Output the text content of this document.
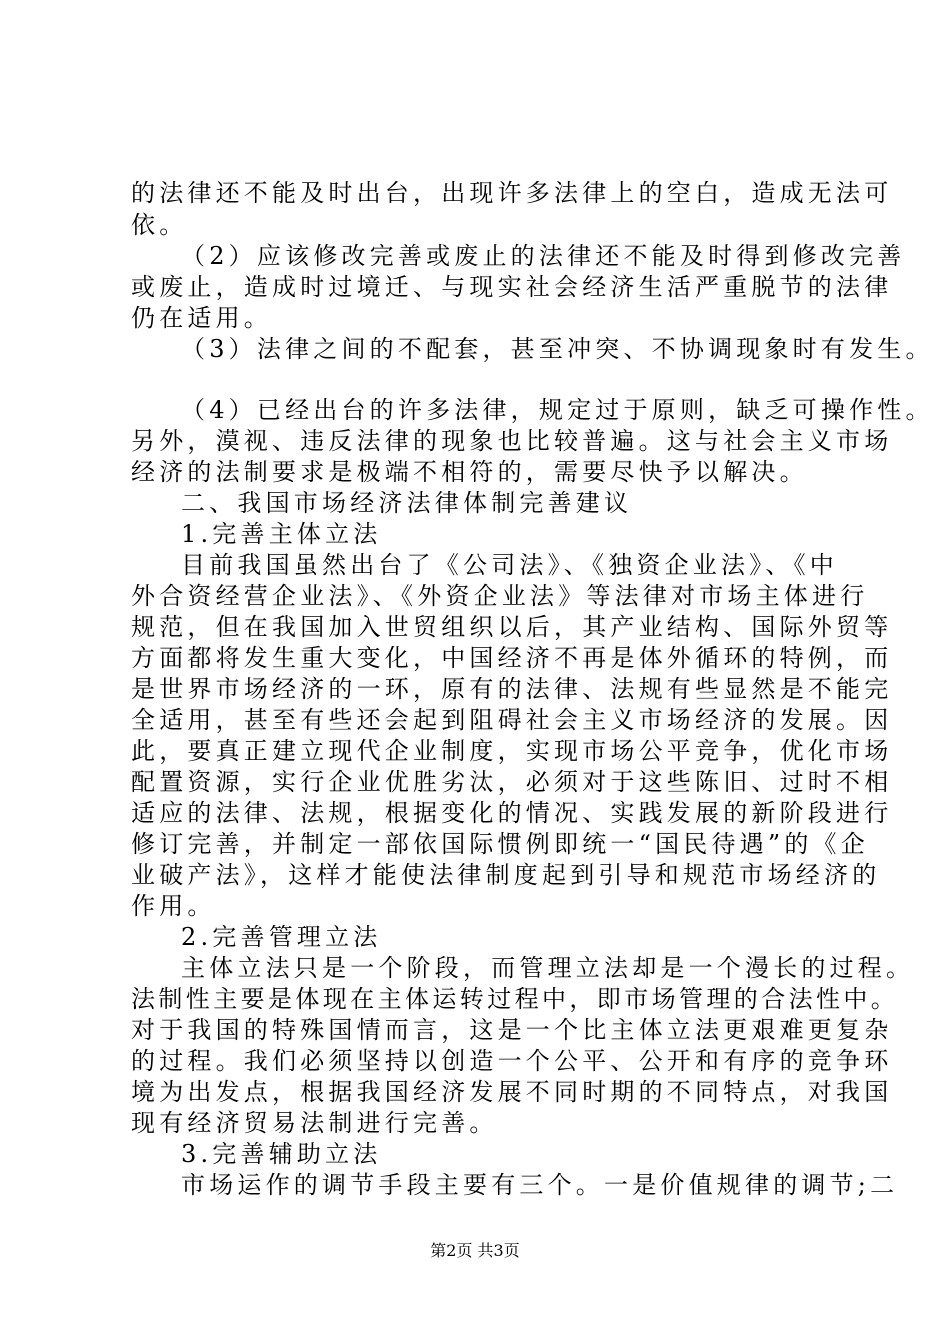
的法律还不能及时出台，出现许多法律上的空白，造成无法可
依。
（2）应该修改完善或废止的法律还不能及时得到修改完善
或废止，造成时过境迁、与现实社会经济生活严重脱节的法律
仍在适用。
（3）法律之间的不配套，甚至冲突、不协调现象时有发生。
（4）已经出台的许多法律，规定过于原则，缺乏可操作性。
另外，漠视、违反法律的现象也比较普遍。这与社会主义市场
经济的法制要求是极端不相符的，需要尽快予以解决。
二、我国市场经济法律体制完善建议
1.完善主体立法
目前我国虽然出台了《公司法》、《独资企业法》、《中
外合资经营企业法》、《外资企业法》等法律对市场主体进行
规范，但在我国加入世贸组织以后，其产业结构、国际外贸等
方面都将发生重大变化，中国经济不再是体外循环的特例，而
是世界市场经济的一环，原有的法律、法规有些显然是不能完
全适用，甚至有些还会起到阻碍社会主义市场经济的发展。因
此，要真正建立现代企业制度，实现市场公平竞争，优化市场
配置资源，实行企业优胜劣汰，必须对于这些陈旧、过时不相
适应的法律、法规，根据变化的情况、实践发展的新阶段进行
修订完善，并制定一部依国际惯例即统一“国民待遇”的《企
业破产法》，这样才能使法律制度起到引导和规范市场经济的
作用。
2.完善管理立法
主体立法只是一个阶段，而管理立法却是一个漫长的过程。
法制性主要是体现在主体运转过程中，即市场管理的合法性中。
对于我国的特殊国情而言，这是一个比主体立法更艰难更复杂
的过程。我们必须坚持以创造一个公平、公开和有序的竞争环
境为出发点，根据我国经济发展不同时期的不同特点，对我国
现有经济贸易法制进行完善。
3.完善辅助立法
市场运作的调节手段主要有三个。一是价值规律的调节;二
第2页 共3页
